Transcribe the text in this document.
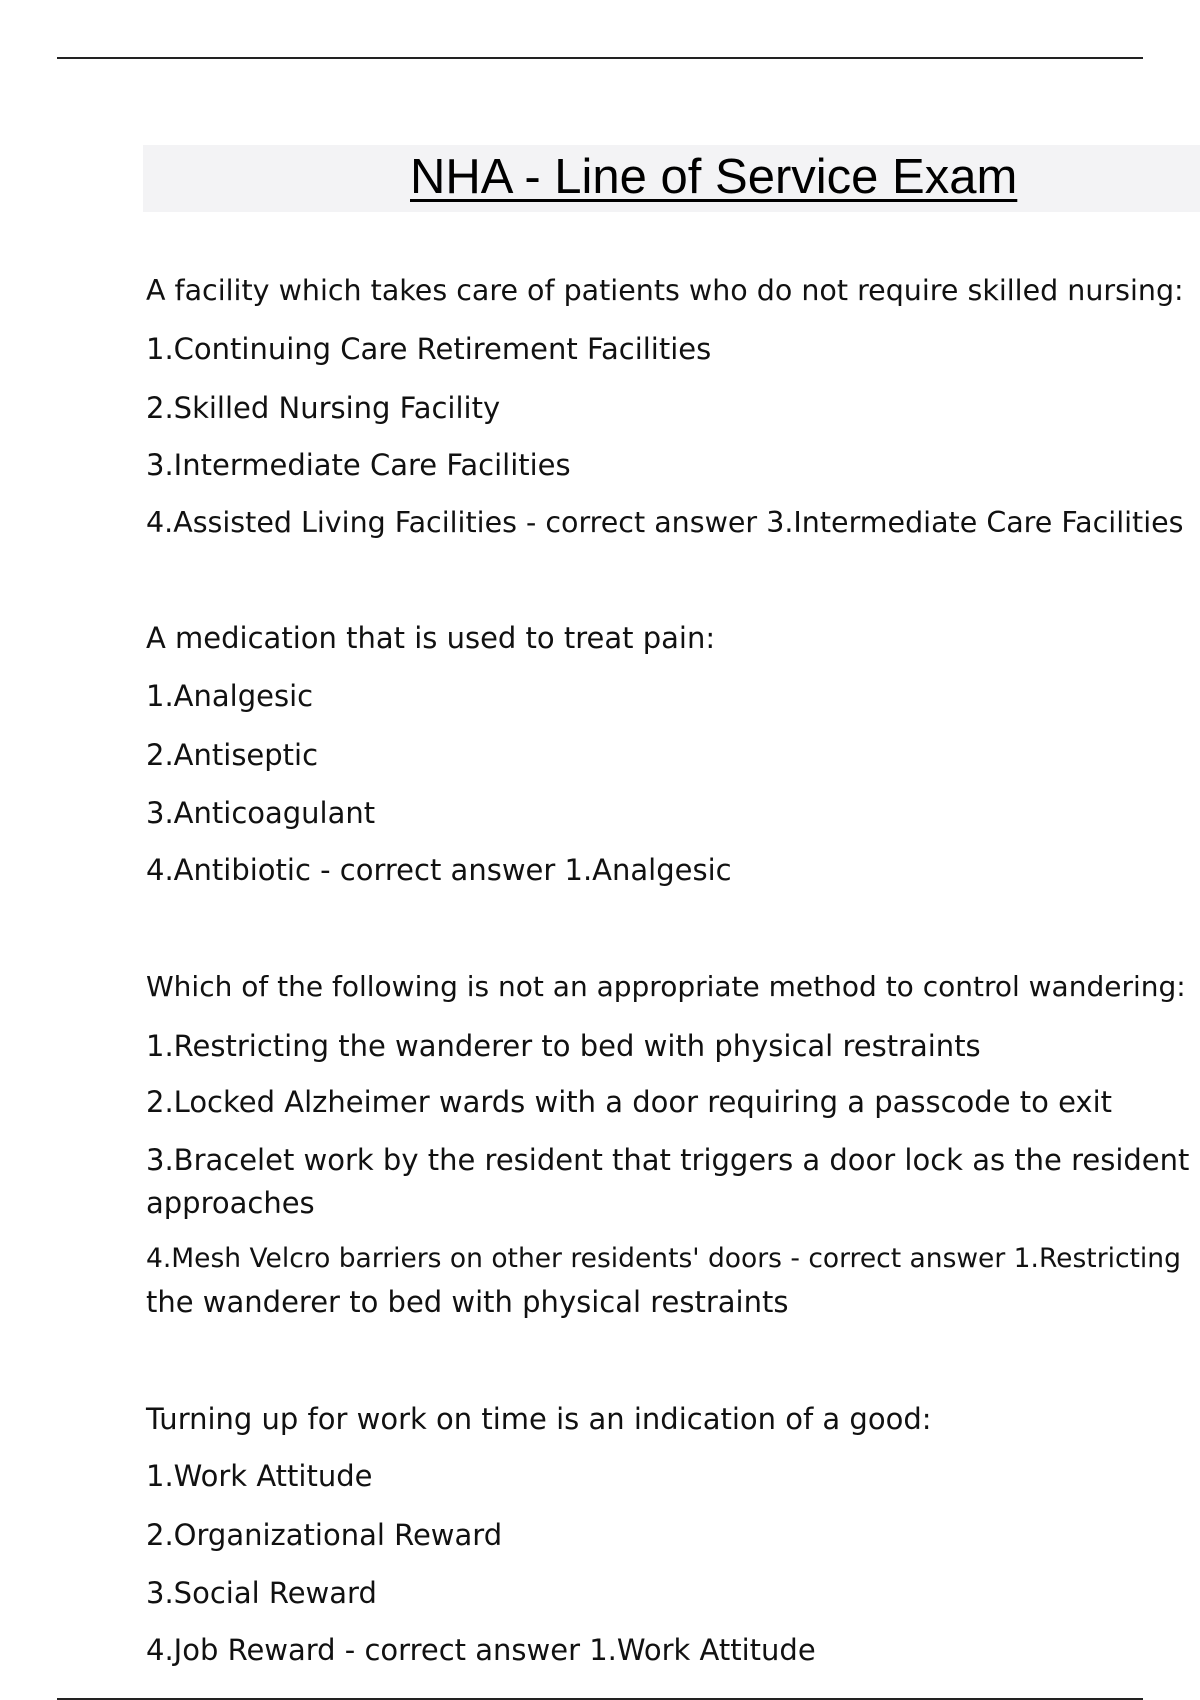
NHA - Line of Service Exam

A facility which takes care of patients who do not require skilled nursing:

1.Continuing Care Retirement Facilities

2.Skilled Nursing Facility

3.Intermediate Care Facilities

4.Assisted Living Facilities - correct answer 3.Intermediate Care Facilities

A medication that is used to treat pain:

1.Analgesic

2.Antiseptic

3.Anticoagulant

4.Antibiotic - correct answer 1.Analgesic

Which of the following is not an appropriate method to control wandering:

1.Restricting the wanderer to bed with physical restraints

2.Locked Alzheimer wards with a door requiring a passcode to exit

3.Bracelet work by the resident that triggers a door lock as the resident

approaches

4.Mesh Velcro barriers on other residents' doors - correct answer 1.Restricting

the wanderer to bed with physical restraints

Turning up for work on time is an indication of a good:

1.Work Attitude

2.Organizational Reward

3.Social Reward

4.Job Reward - correct answer 1.Work Attitude
